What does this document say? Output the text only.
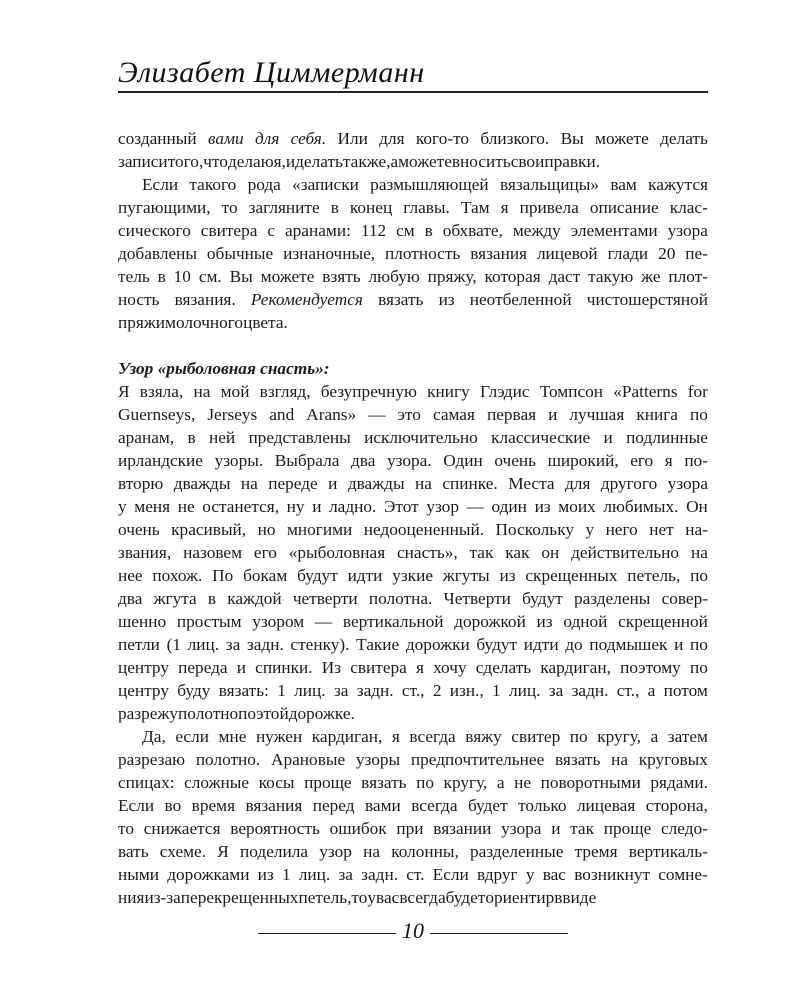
Элизабет Циммерманн
созданный вами для себя. Или для кого-то близкого. Вы можете делать
записи того, что делаю я, и делать так же, а можете вносить свои правки.
Если такого рода «записки размышляющей вязальщицы» вам кажутся
пугающими, то загляните в конец главы. Там я привела описание клас-
сического свитера с аранами: 112 см в обхвате, между элементами узора
добавлены обычные изнаночные, плотность вязания лицевой глади 20 пе-
тель в 10 см. Вы можете взять любую пряжу, которая даст такую же плот-
ность вязания. Рекомендуется вязать из неотбеленной чистошерстяной
пряжи молочного цвета.
Узор «рыболовная снасть»:
Я взяла, на мой взгляд, безупречную книгу Глэдис Томпсон «Patterns for
Guernseys, Jerseys and Arans» — это самая первая и лучшая книга по
аранам, в ней представлены исключительно классические и подлинные
ирландские узоры. Выбрала два узора. Один очень широкий, его я по-
вторю дважды на переде и дважды на спинке. Места для другого узора
у меня не останется, ну и ладно. Этот узор — один из моих любимых. Он
очень красивый, но многими недооцененный. Поскольку у него нет на-
звания, назовем его «рыболовная снасть», так как он действительно на
нее похож. По бокам будут идти узкие жгуты из скрещенных петель, по
два жгута в каждой четверти полотна. Четверти будут разделены совер-
шенно простым узором — вертикальной дорожкой из одной скрещенной
петли (1 лиц. за задн. стенку). Такие дорожки будут идти до подмышек и по
центру переда и спинки. Из свитера я хочу сделать кардиган, поэтому по
центру буду вязать: 1 лиц. за задн. ст., 2 изн., 1 лиц. за задн. ст., а потом
разрежу полотно по этой дорожке.
Да, если мне нужен кардиган, я всегда вяжу свитер по кругу, а затем
разрезаю полотно. Арановые узоры предпочтительнее вязать на круговых
спицах: сложные косы проще вязать по кругу, а не поворотными рядами.
Если во время вязания перед вами всегда будет только лицевая сторона,
то снижается вероятность ошибок при вязании узора и так проще следо-
вать схеме. Я поделила узор на колонны, разделенные тремя вертикаль-
ными дорожками из 1 лиц. за задн. ст. Если вдруг у вас возникнут сомне-
ния из-за перекрещенных петель, то у вас всегда будет ориентир в виде
10
